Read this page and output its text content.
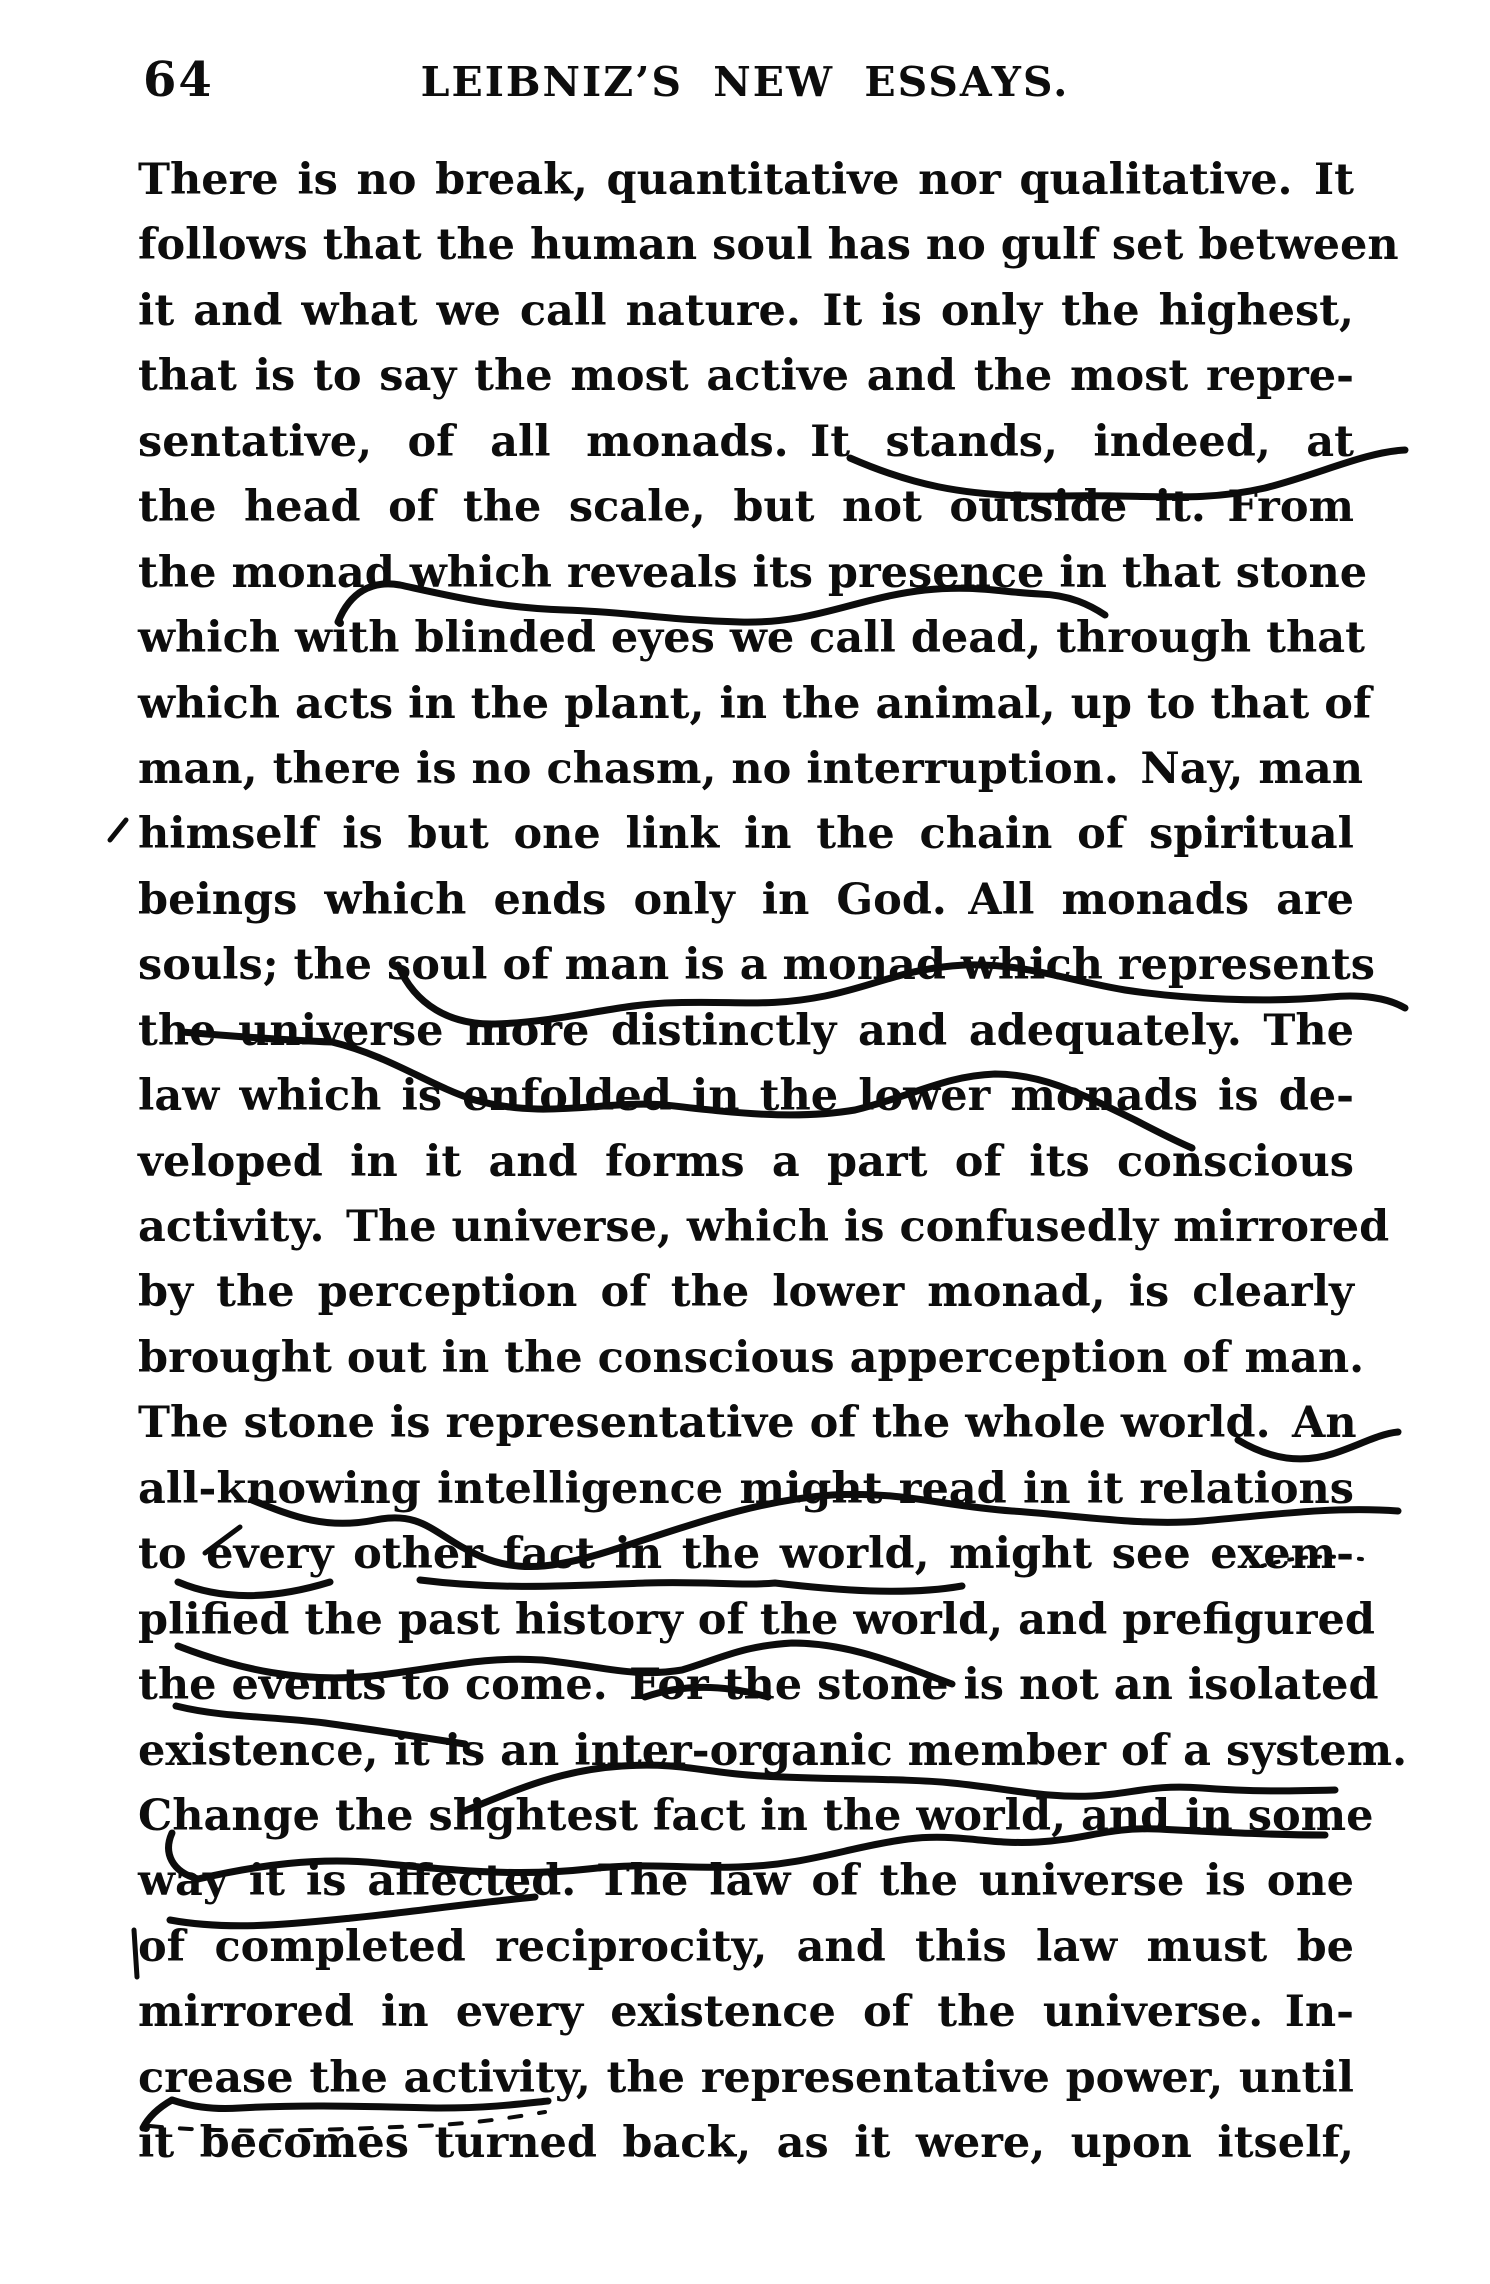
64	LEIBNIZ’S NEW ESSAYS.
There is no break, quantitative nor qualitative. It
follows that the human soul has no gulf set between
it and what we call nature. It is only the highest,
that is to say the most active and the most repre-
sentative, of all monads. It stands, indeed, at
the head of the scale, but not outside it. From
the monad which reveals its presence in that stone
which with blinded eyes we call dead, through that
which acts in the plant, in the animal, up to that of
man, there is no chasm, no interruption. Nay, man
himself is but one link in the chain of spiritual
beings which ends only in God. All monads are
souls; the soul of man is a monad which represents
the universe more distinctly and adequately. The
law which is enfolded in the lower monads is de-
veloped in it and forms a part of its conscious
activity. The universe, which is confusedly mirrored
by the perception of the lower monad, is clearly
brought out in the conscious apperception of man.
The stone is representative of the whole world. An
all-knowing intelligence might read in it relations
to every other fact in the world, might see exem-
plified the past history of the world, and prefigured
the events to come. For the stone is not an isolated
existence, it is an inter-organic member of a system.
Change the slightest fact in the world, and in some
way it is affected. The law of the universe is one
of completed reciprocity, and this law must be
mirrored in every existence of the universe. In-
crease the activity, the representative power, until
it becomes turned back, as it were, upon itself,
